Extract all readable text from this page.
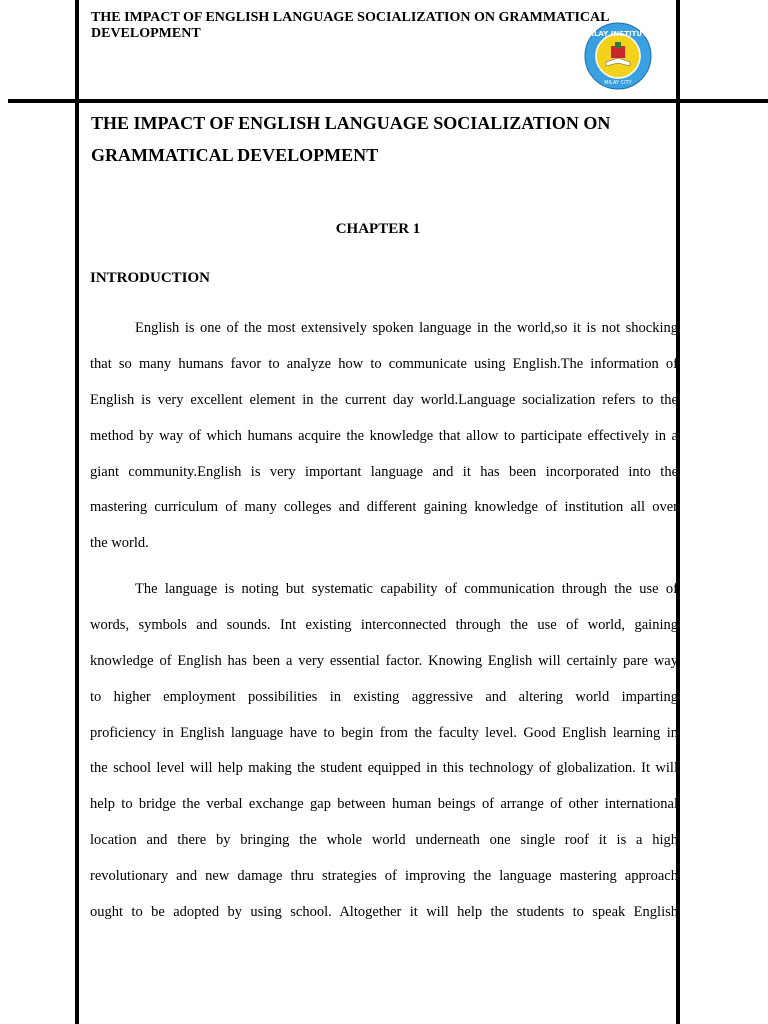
THE IMPACT OF ENGLISH LANGUAGE SOCIALIZATION ON GRAMMATICAL DEVELOPMENT	MILAY INSTITUTE
MILAY CITY
THE IMPACT OF ENGLISH LANGUAGE SOCIALIZATION ON
GRAMMATICAL DEVELOPMENT
CHAPTER 1
INTRODUCTION
English is one of the most extensively spoken language in the world,so it is not shocking
that so many humans favor to analyze how to communicate using English.The information of
English is very excellent element in the current day world.Language socialization refers to the
method by way of which humans acquire the knowledge that allow to participate effectively in a
giant community.English is very important language and it has been incorporated into the
mastering curriculum of many colleges and different gaining knowledge of institution all over
the world.
The language is noting but systematic capability of communication through the use of
words, symbols and sounds. Int existing interconnected through the use of world, gaining
knowledge of English has been a very essential factor. Knowing English will certainly pare way
to higher employment possibilities in existing aggressive and altering world imparting
proficiency in English language have to begin from the faculty level. Good English learning in
the school level will help making the student equipped in this technology of globalization. It will
help to bridge the verbal exchange gap between human beings of arrange of other international
location and there by bringing the whole world underneath one single roof it is a high
revolutionary and new damage thru strategies of improving the language mastering approach
ought to be adopted by using school. Altogether it will help the students to speak English
